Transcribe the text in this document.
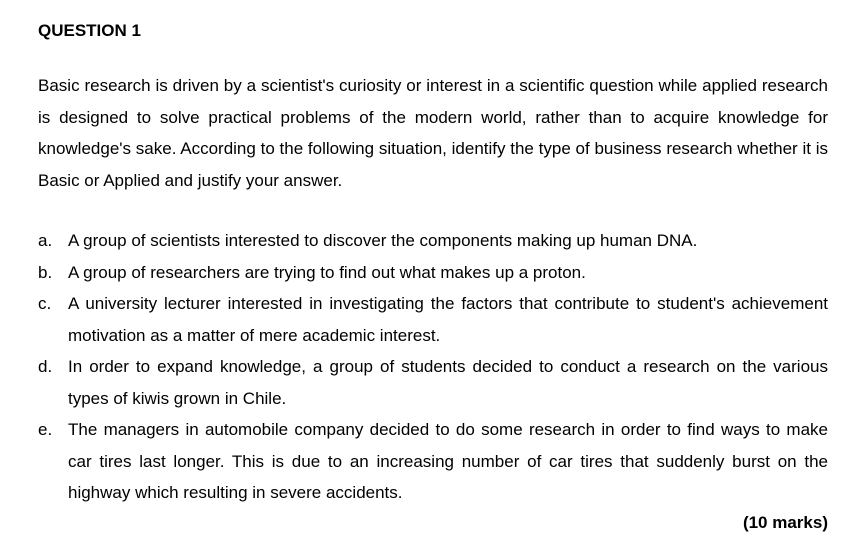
QUESTION 1

Basic research is driven by a scientist's curiosity or interest in a scientific question while applied research is designed to solve practical problems of the modern world, rather than to acquire knowledge for knowledge's sake. According to the following situation, identify the type of business research whether it is Basic or Applied and justify your answer.

a. A group of scientists interested to discover the components making up human DNA.
b. A group of researchers are trying to find out what makes up a proton.
c. A university lecturer interested in investigating the factors that contribute to student's achievement motivation as a matter of mere academic interest.
d. In order to expand knowledge, a group of students decided to conduct a research on the various types of kiwis grown in Chile.
e. The managers in automobile company decided to do some research in order to find ways to make car tires last longer. This is due to an increasing number of car tires that suddenly burst on the highway which resulting in severe accidents.
(10 marks)
